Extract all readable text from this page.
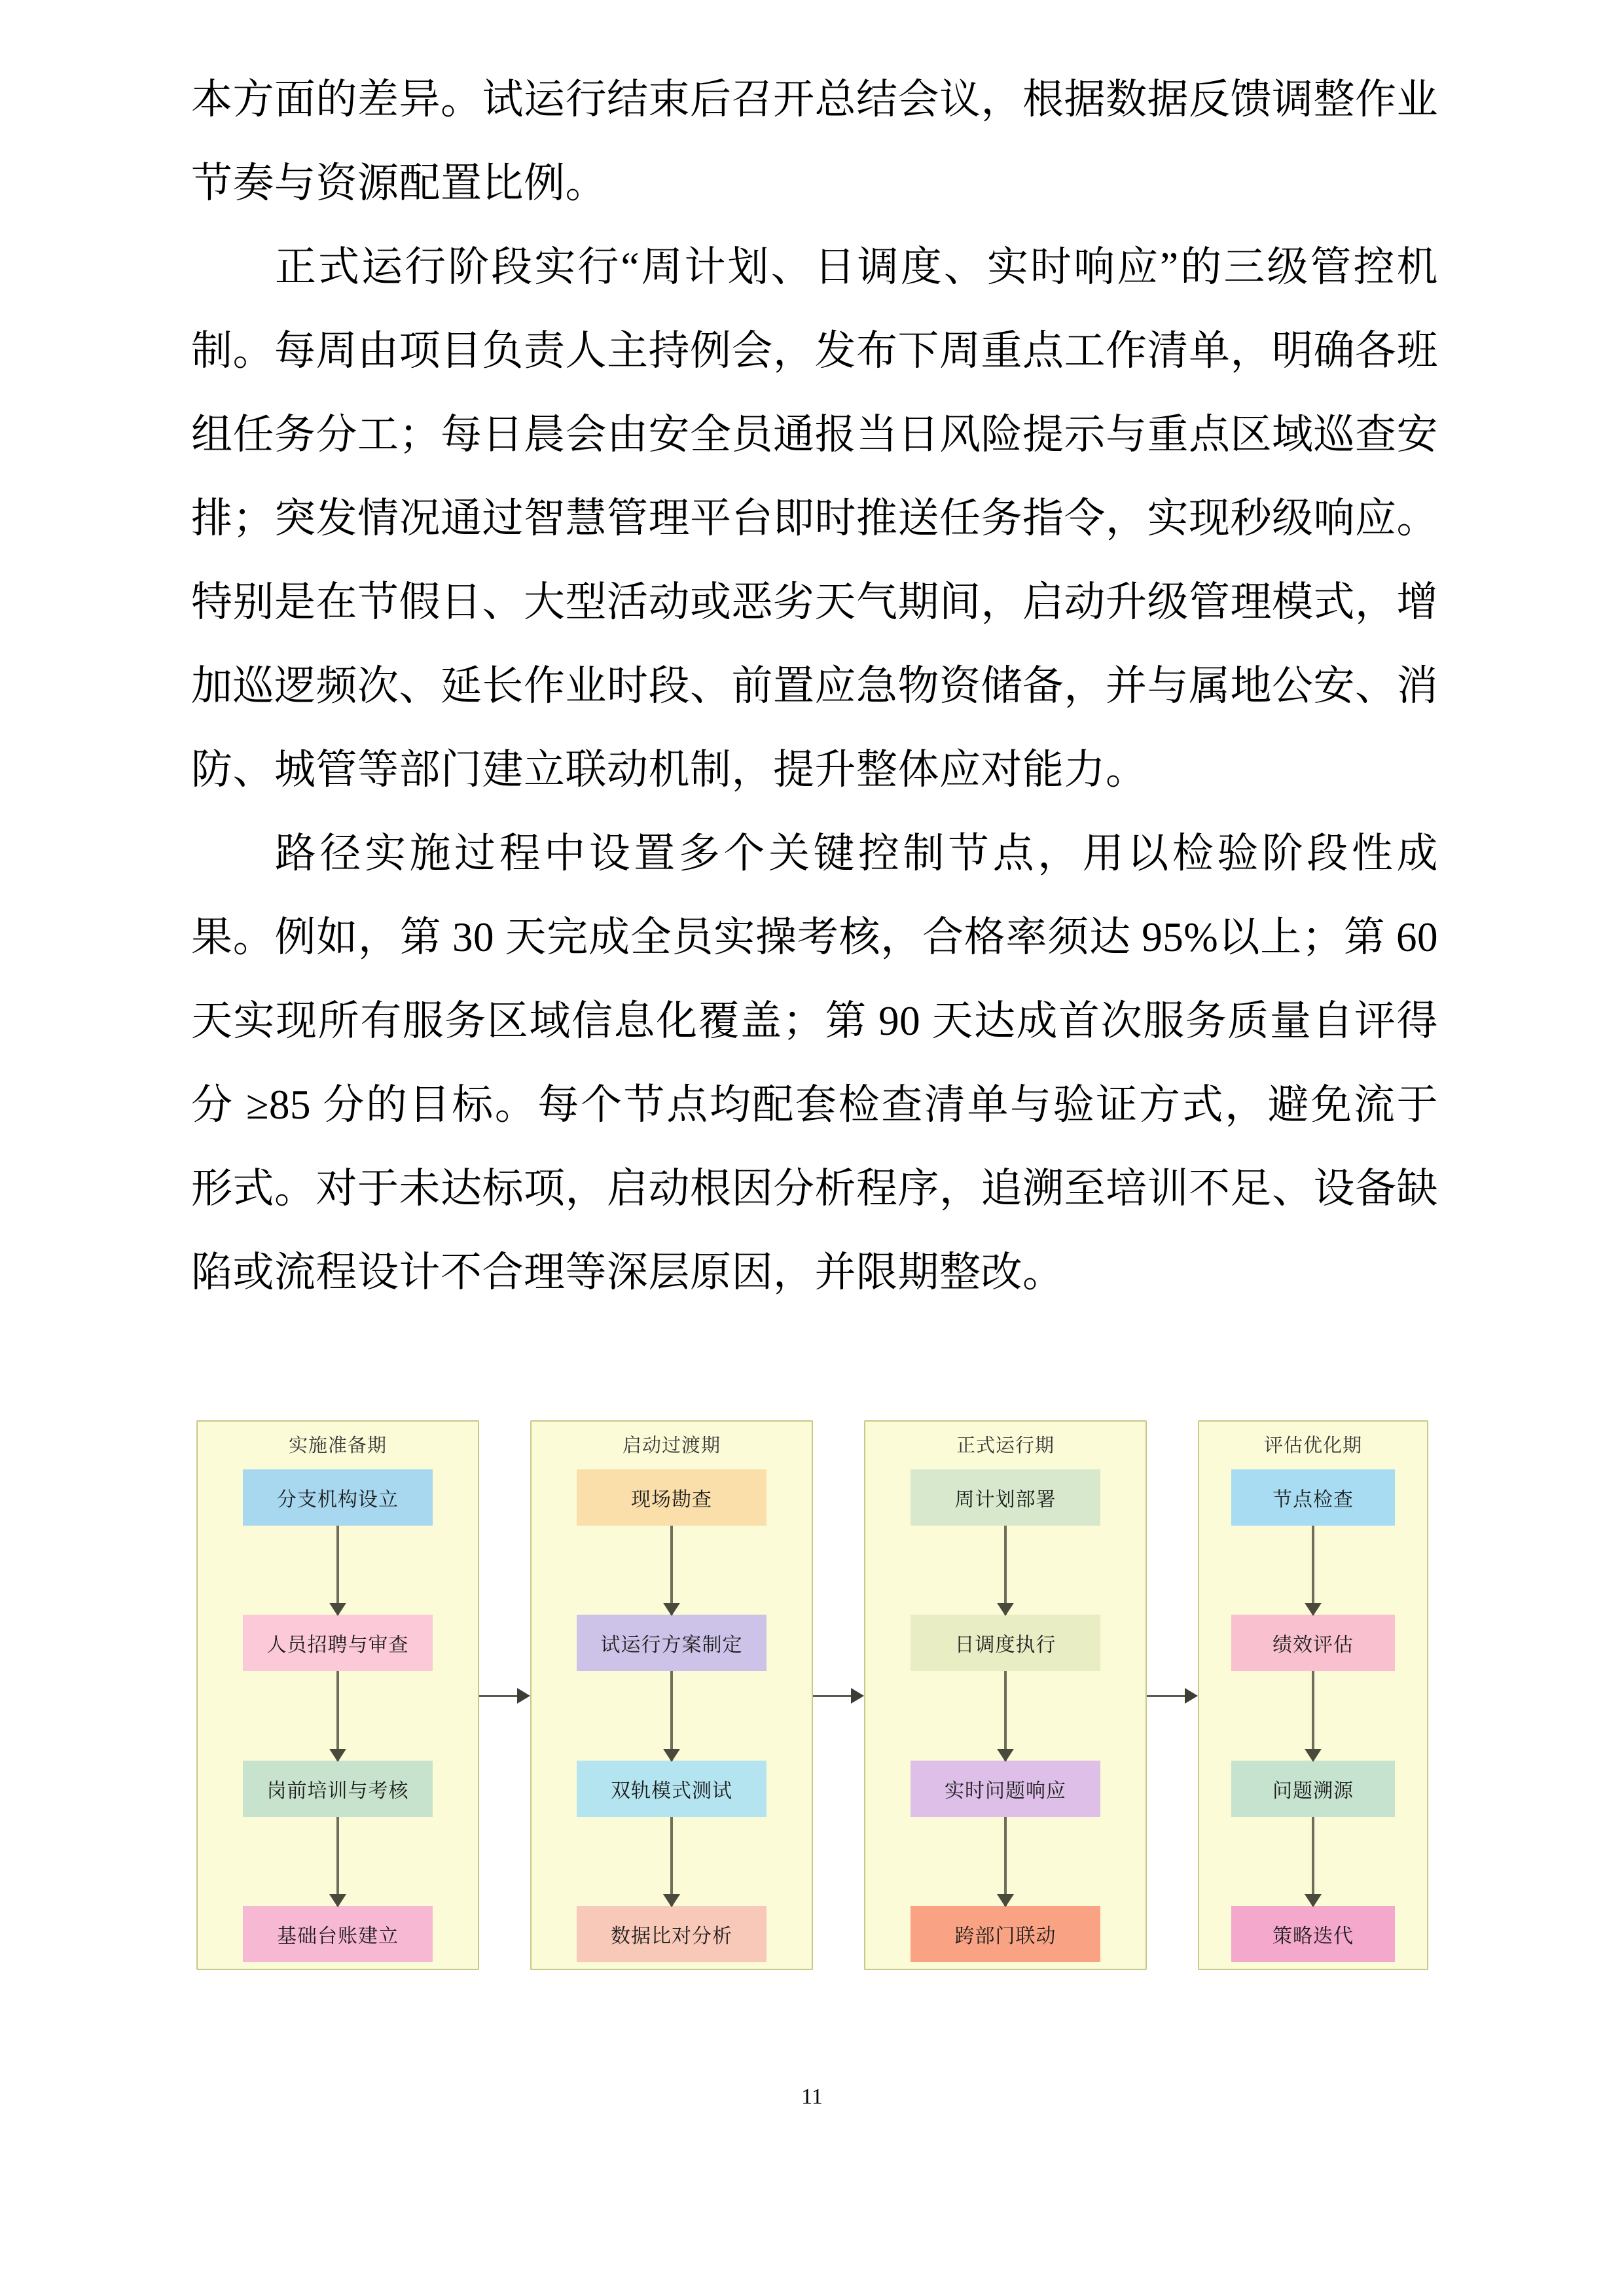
本方面的差异。试运行结束后召开总结会议，根据数据反馈调整作业节奏与资源配置比例。

正式运行阶段实行“周计划、日调度、实时响应”的三级管控机制。每周由项目负责人主持例会，发布下周重点工作清单，明确各班组任务分工；每日晨会由安全员通报当日风险提示与重点区域巡查安排；突发情况通过智慧管理平台即时推送任务指令，实现秒级响应。特别是在节假日、大型活动或恶劣天气期间，启动升级管理模式，增加巡逻频次、延长作业时段、前置应急物资储备，并与属地公安、消防、城管等部门建立联动机制，提升整体应对能力。

路径实施过程中设置多个关键控制节点，用以检验阶段性成果。例如，第 30 天完成全员实操考核，合格率须达 95%以上；第 60 天实现所有服务区域信息化覆盖；第 90 天达成首次服务质量自评得分 ≥85 分的目标。每个节点均配套检查清单与验证方式，避免流于形式。对于未达标项，启动根因分析程序，追溯至培训不足、设备缺陷或流程设计不合理等深层原因，并限期整改。

实施准备期
分支机构设立
人员招聘与审查
岗前培训与考核
基础台账建立
启动过渡期
现场勘查
试运行方案制定
双轨模式测试
数据比对分析
正式运行期
周计划部署
日调度执行
实时问题响应
跨部门联动
评估优化期
节点检查
绩效评估
问题溯源
策略迭代
11
